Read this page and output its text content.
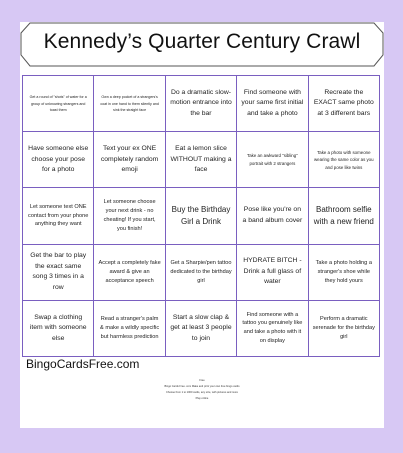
Kennedy’s Quarter Century Crawl
Get a round of "shots" of water for a group of unknowing strangers and toast them
Own a deep pocket of a strangers's coat in one hand to them silently and sink the straight face
Do a dramatic slow-motion entrance into the bar
Find someone with your same first initial and take a photo
Recreate the EXACT same photo at 3 different bars
Have someone else choose your pose for a photo
Text your ex ONE completely random emoji
Eat a lemon slice WITHOUT making a face
Take an awkward "sibling" portrait with 2 strangers
Take a photo with someone wearing the same color as you and pose like twins
Let someone text ONE contact from your phone anything they want
Let someone choose your next drink - no cheating! If you start, you finish!
Buy the Birthday Girl a Drink
Pose like you're on a band album cover
Bathroom selfie with a new friend
Get the bar to play the exact same song 3 times in a row
Accept a completely fake award & give an acceptance speech
Get a Sharpie/pen tattoo dedicated to the birthday girl
HYDRATE BITCH - Drink a full glass of water
Take a photo holding a stranger's shoe while they hold yours
Swap a clothing item with someone else
Read a stranger's palm & make a wildly specific but harmless prediction
Start a slow clap & get at least 3 people to join
Find someone with a tattoo you genuinely like and take a photo with it on display
Perform a dramatic serenade for the birthday girl
BingoCardsFree.com
Free
Bingo Cards Free .com Make and print your own free bingo cards
Choose from 1 to 1000 cards, any size, with pictures and more
Play online
